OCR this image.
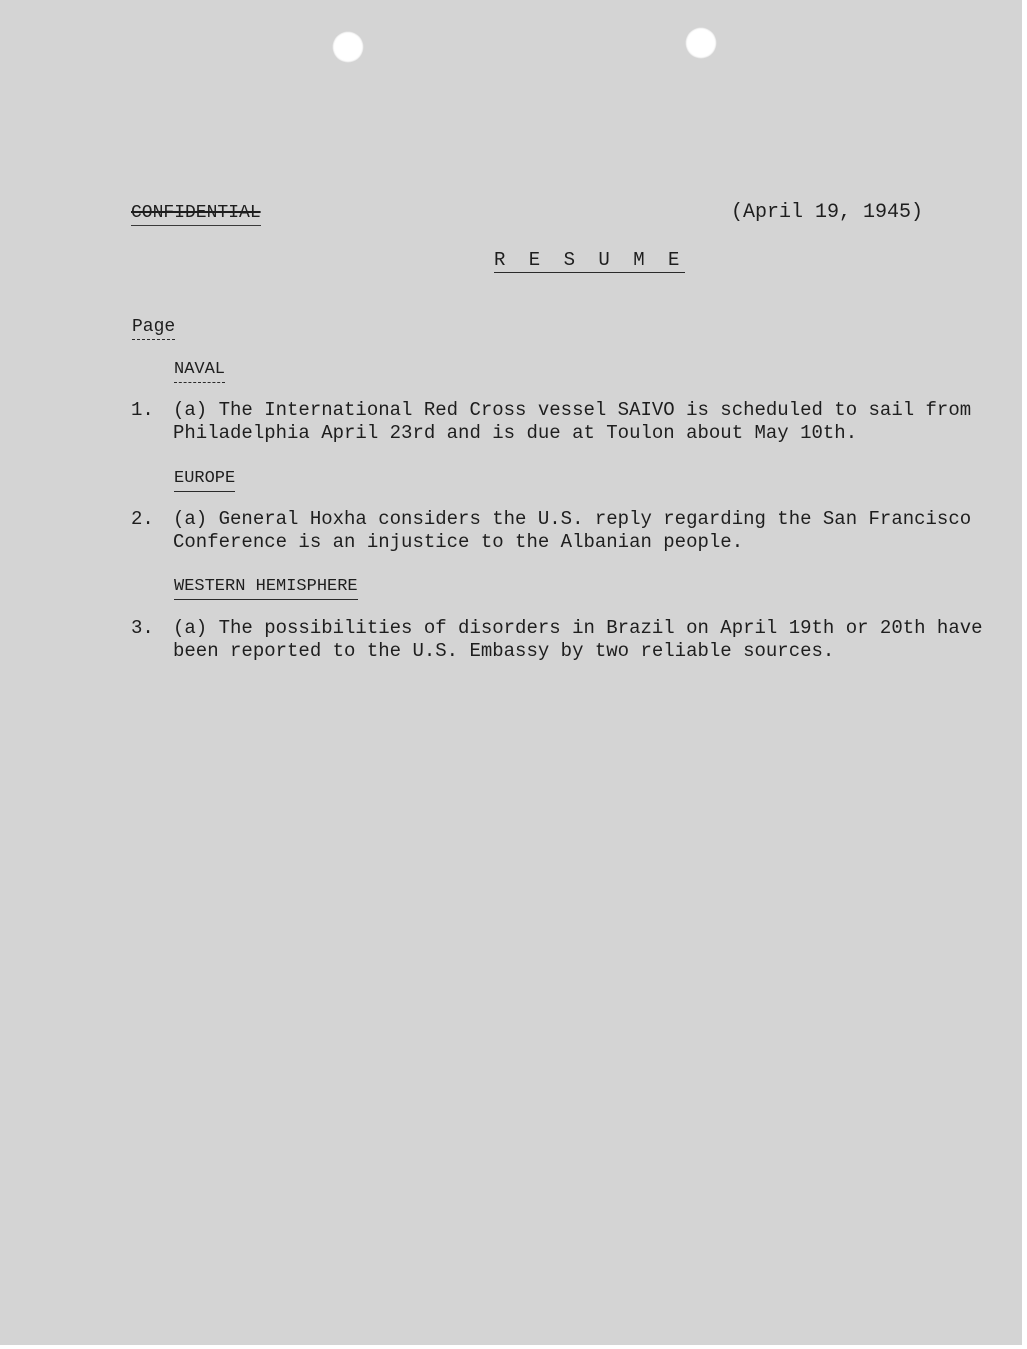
CONFIDENTIAL	(April 19, 1945)
R E S U M E
Page
NAVAL
1. (a) The International Red Cross vessel SAIVO is scheduled to sail from
Philadelphia April 23rd and is due at Toulon about May 10th.
EUROPE
2. (a) General Hoxha considers the U.S. reply regarding the San Francisco
Conference is an injustice to the Albanian people.
WESTERN HEMISPHERE
3. (a) The possibilities of disorders in Brazil on April 19th or 20th have
been reported to the U.S. Embassy by two reliable sources.
